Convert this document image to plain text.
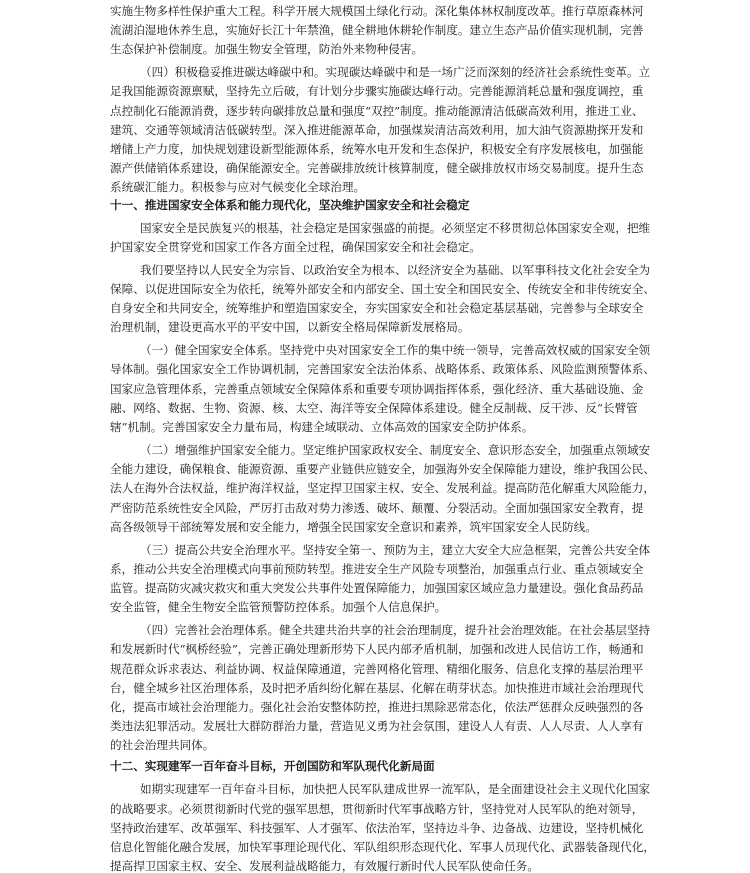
实施生物多样性保护重大工程。科学开展大规模国土绿化行动。深化集体林权制度改革。推行草原森林河
流湖泊湿地休养生息，实施好长江十年禁渔，健全耕地休耕轮作制度。建立生态产品价值实现机制，完善
生态保护补偿制度。加强生物安全管理，防治外来物种侵害。
（四）积极稳妥推进碳达峰碳中和。实现碳达峰碳中和是一场广泛而深刻的经济社会系统性变革。立
足我国能源资源禀赋，坚持先立后破，有计划分步骤实施碳达峰行动。完善能源消耗总量和强度调控，重
点控制化石能源消费，逐步转向碳排放总量和强度“双控”制度。推动能源清洁低碳高效利用，推进工业、
建筑、交通等领域清洁低碳转型。深入推进能源革命，加强煤炭清洁高效利用，加大油气资源勘探开发和
增储上产力度，加快规划建设新型能源体系，统筹水电开发和生态保护，积极安全有序发展核电，加强能
源产供储销体系建设，确保能源安全。完善碳排放统计核算制度，健全碳排放权市场交易制度。提升生态
系统碳汇能力。积极参与应对气候变化全球治理。
十一、推进国家安全体系和能力现代化，坚决维护国家安全和社会稳定
国家安全是民族复兴的根基，社会稳定是国家强盛的前提。必须坚定不移贯彻总体国家安全观，把维
护国家安全贯穿党和国家工作各方面全过程，确保国家安全和社会稳定。
我们要坚持以人民安全为宗旨、以政治安全为根本、以经济安全为基础、以军事科技文化社会安全为
保障、以促进国际安全为依托，统筹外部安全和内部安全、国土安全和国民安全、传统安全和非传统安全、
自身安全和共同安全，统筹维护和塑造国家安全，夯实国家安全和社会稳定基层基础，完善参与全球安全
治理机制，建设更高水平的平安中国，以新安全格局保障新发展格局。
（一）健全国家安全体系。坚持党中央对国家安全工作的集中统一领导，完善高效权威的国家安全领
导体制。强化国家安全工作协调机制，完善国家安全法治体系、战略体系、政策体系、风险监测预警体系、
国家应急管理体系，完善重点领域安全保障体系和重要专项协调指挥体系，强化经济、重大基础设施、金
融、网络、数据、生物、资源、核、太空、海洋等安全保障体系建设。健全反制裁、反干涉、反“长臂管
辖”机制。完善国家安全力量布局，构建全域联动、立体高效的国家安全防护体系。
（二）增强维护国家安全能力。坚定维护国家政权安全、制度安全、意识形态安全，加强重点领域安
全能力建设，确保粮食、能源资源、重要产业链供应链安全，加强海外安全保障能力建设，维护我国公民、
法人在海外合法权益，维护海洋权益，坚定捍卫国家主权、安全、发展利益。提高防范化解重大风险能力，
严密防范系统性安全风险，严厉打击敌对势力渗透、破坏、颠覆、分裂活动。全面加强国家安全教育，提
高各级领导干部统筹发展和安全能力，增强全民国家安全意识和素养，筑牢国家安全人民防线。
（三）提高公共安全治理水平。坚持安全第一、预防为主，建立大安全大应急框架，完善公共安全体
系，推动公共安全治理模式向事前预防转型。推进安全生产风险专项整治，加强重点行业、重点领域安全
监管。提高防灾减灾救灾和重大突发公共事件处置保障能力，加强国家区域应急力量建设。强化食品药品
安全监管，健全生物安全监管预警防控体系。加强个人信息保护。
（四）完善社会治理体系。健全共建共治共享的社会治理制度，提升社会治理效能。在社会基层坚持
和发展新时代“枫桥经验”，完善正确处理新形势下人民内部矛盾机制，加强和改进人民信访工作，畅通和
规范群众诉求表达、利益协调、权益保障通道，完善网格化管理、精细化服务、信息化支撑的基层治理平
台，健全城乡社区治理体系，及时把矛盾纠纷化解在基层、化解在萌芽状态。加快推进市域社会治理现代
化，提高市域社会治理能力。强化社会治安整体防控，推进扫黑除恶常态化，依法严惩群众反映强烈的各
类违法犯罪活动。发展壮大群防群治力量，营造见义勇为社会氛围，建设人人有责、人人尽责、人人享有
的社会治理共同体。
十二、实现建军一百年奋斗目标，开创国防和军队现代化新局面
如期实现建军一百年奋斗目标，加快把人民军队建成世界一流军队，是全面建设社会主义现代化国家
的战略要求。必须贯彻新时代党的强军思想，贯彻新时代军事战略方针，坚持党对人民军队的绝对领导，
坚持政治建军、改革强军、科技强军、人才强军、依法治军，坚持边斗争、边备战、边建设，坚持机械化
信息化智能化融合发展，加快军事理论现代化、军队组织形态现代化、军事人员现代化、武器装备现代化，
提高捍卫国家主权、安全、发展利益战略能力，有效履行新时代人民军队使命任务。
